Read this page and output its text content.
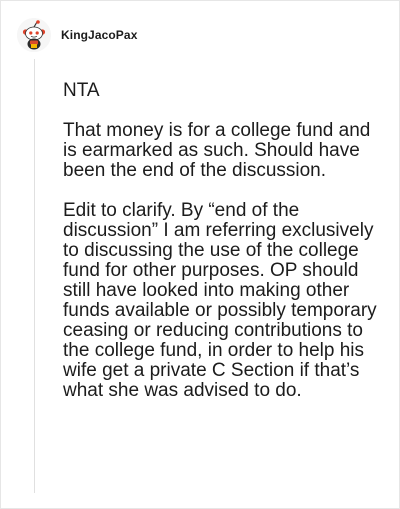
KingJacoPax

NTA

That money is for a college fund and is earmarked as such. Should have been the end of the discussion.

Edit to clarify. By “end of the discussion” I am referring exclusively to discussing the use of the college fund for other purposes. OP should still have looked into making other funds available or possibly temporary ceasing or reducing contributions to the college fund, in order to help his wife get a private C Section if that’s what she was advised to do.
